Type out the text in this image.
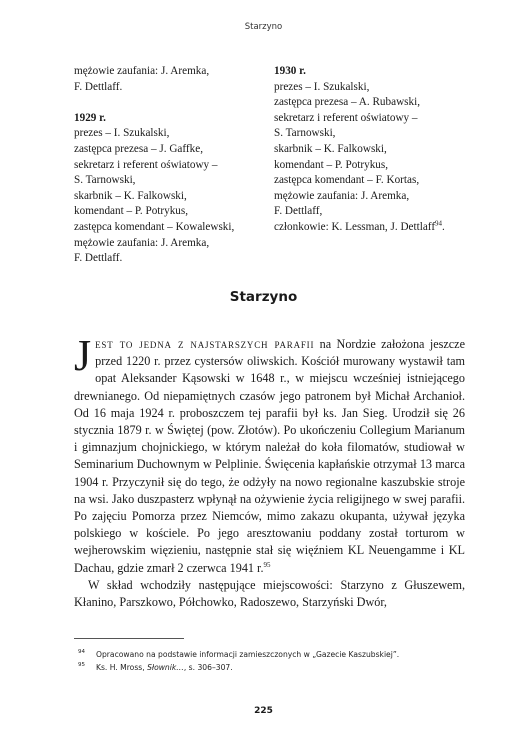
Starzyno

mężowie zaufania: J. Aremka,

F. Dettlaff.

1929 r.

prezes – I. Szukalski,

zastępca prezesa – J. Gaffke,

sekretarz i referent oświatowy –

S. Tarnowski,

skarbnik – K. Falkowski,

komendant – P. Potrykus,

zastępca komendant – Kowalewski,

mężowie zaufania: J. Aremka,

F. Dettlaff.

1930 r.

prezes – I. Szukalski,

zastępca prezesa – A. Rubawski,

sekretarz i referent oświatowy –

S. Tarnowski,

skarbnik – K. Falkowski,

komendant – P. Potrykus,

zastępca komendant – F. Kortas,

mężowie zaufania: J. Aremka,

F. Dettlaff,

członkowie: K. Lessman, J. Dettlaff$^{94}$.

Starzyno

Jest to jedna z najstarszych parafii na Nordzie założona jeszcze przed 1220 r. przez cystersów oliwskich. Kościół murowany wystawił tam opat Aleksander Kąsowski w 1648 r., w miejscu wcześniej istniejącego drewnianego. Od niepamiętnych czasów jego patronem był Michał Archanioł. Od 16 maja 1924 r. proboszczem tej parafii był ks. Jan Sieg. Urodził się 26 stycznia 1879 r. w Świętej (pow. Złotów). Po ukończeniu Collegium Marianum i gimnazjum chojnickiego, w którym należał do koła filomatów, studiował w Seminarium Duchownym w Pelplinie. Święcenia kapłańskie otrzymał 13 marca 1904 r. Przyczynił się do tego, że odżyły na nowo regionalne kaszubskie stroje na wsi. Jako duszpasterz wpłynął na ożywienie życia religijnego w swej parafii. Po zajęciu Pomorza przez Niemców, mimo zakazu okupanta, używał języka polskiego w kościele. Po jego aresztowaniu poddany został torturom w wejherowskim więzieniu, następnie stał się więźniem KL Neuengamme i KL Dachau, gdzie zmarł 2 czerwca 1941 r.$^{95}$

W skład wchodziły następujące miejscowości: Starzyno z Głuszewem, Kłanino, Parszkowo, Półchowko, Radoszewo, Starzyński Dwór,

94 Opracowano na podstawie informacji zamieszczonych w „Gazecie Kaszubskiej”.
95 Ks. H. Mross, Słownik…, s. 306–307.
225
